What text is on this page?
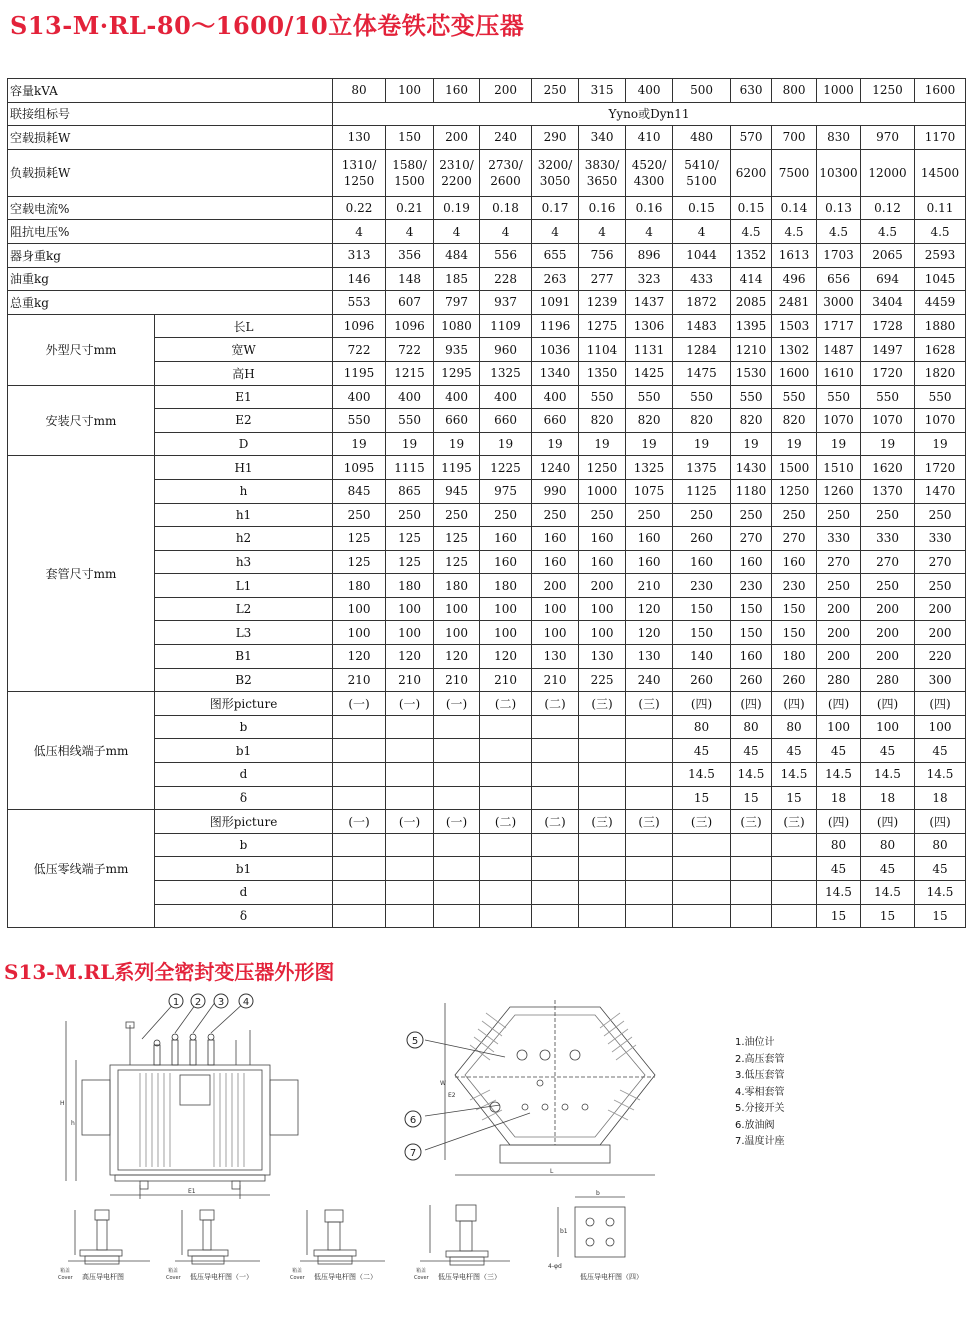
S13-M·RL-80～1600/10立体卷铁芯变压器
容量kVA		80	100	160	200	250	315	400	500	630	800	1000	1250	1600
联接组标号		Yyno或Dyn11												
空载损耗W		130	150	200	240	290	340	410	480	570	700	830	970	1170
负载损耗W		1310/ 1250	1580/ 1500	2310/ 2200	2730/ 2600	3200/ 3050	3830/ 3650	4520/ 4300	5410/ 5100	6200	7500	10300	12000	14500
空载电流%		0.22	0.21	0.19	0.18	0.17	0.16	0.16	0.15	0.15	0.14	0.13	0.12	0.11
阻抗电压%		4	4	4	4	4	4	4	4	4.5	4.5	4.5	4.5	4.5
器身重kg		313	356	484	556	655	756	896	1044	1352	1613	1703	2065	2593
油重kg		146	148	185	228	263	277	323	433	414	496	656	694	1045
总重kg		553	607	797	937	1091	1239	1437	1872	2085	2481	3000	3404	4459
外型尺寸mm	长L	1096	1096	1080	1109	1196	1275	1306	1483	1395	1503	1717	1728	1880
	宽W	722	722	935	960	1036	1104	1131	1284	1210	1302	1487	1497	1628
	高H	1195	1215	1295	1325	1340	1350	1425	1475	1530	1600	1610	1720	1820
安装尺寸mm	E1	400	400	400	400	400	550	550	550	550	550	550	550	550
	E2	550	550	660	660	660	820	820	820	820	820	1070	1070	1070
	D	19	19	19	19	19	19	19	19	19	19	19	19	19
套管尺寸mm	H1	1095	1115	1195	1225	1240	1250	1325	1375	1430	1500	1510	1620	1720
	h	845	865	945	975	990	1000	1075	1125	1180	1250	1260	1370	1470
	h1	250	250	250	250	250	250	250	250	250	250	250	250	250
	h2	125	125	125	160	160	160	160	260	270	270	330	330	330
	h3	125	125	125	160	160	160	160	160	160	160	270	270	270
	L1	180	180	180	180	200	200	210	230	230	230	250	250	250
	L2	100	100	100	100	100	100	120	150	150	150	200	200	200
	L3	100	100	100	100	100	100	120	150	150	150	200	200	200
	B1	120	120	120	120	130	130	130	140	160	180	200	200	220
	B2	210	210	210	210	210	225	240	260	260	260	280	280	300
低压相线端子mm	图形picture	(一)	(一)	(一)	(二)	(二)	(三)	(三)	(四)	(四)	(四)	(四)	(四)	(四)
	b								80	80	80	100	100	100
	b1								45	45	45	45	45	45
	d								14.5	14.5	14.5	14.5	14.5	14.5
	δ								15	15	15	18	18	18
低压零线端子mm	图形picture	(一)	(一)	(一)	(二)	(二)	(三)	(三)	(三)	(三)	(三)	(四)	(四)	(四)
	b											80	80	80
	b1											45	45	45
	d											14.5	14.5	14.5
	δ											15	15	15
S13-M.RL系列全密封变压器外形图
1 2 3 4
5
6
7
E1
L
H
h
W
E2
b
b1
4-φd
箱盖
Cover
箱盖
Cover
箱盖
Cover
箱盖
Cover
高压导电杆图	低压导电杆图（一）	低压导电杆图（二）	低压导电杆图（三）	低压导电杆图（四）
1.油位计
2.高压套管
3.低压套管
4.零相套管
5.分接开关
6.放油阀
7.温度计座
